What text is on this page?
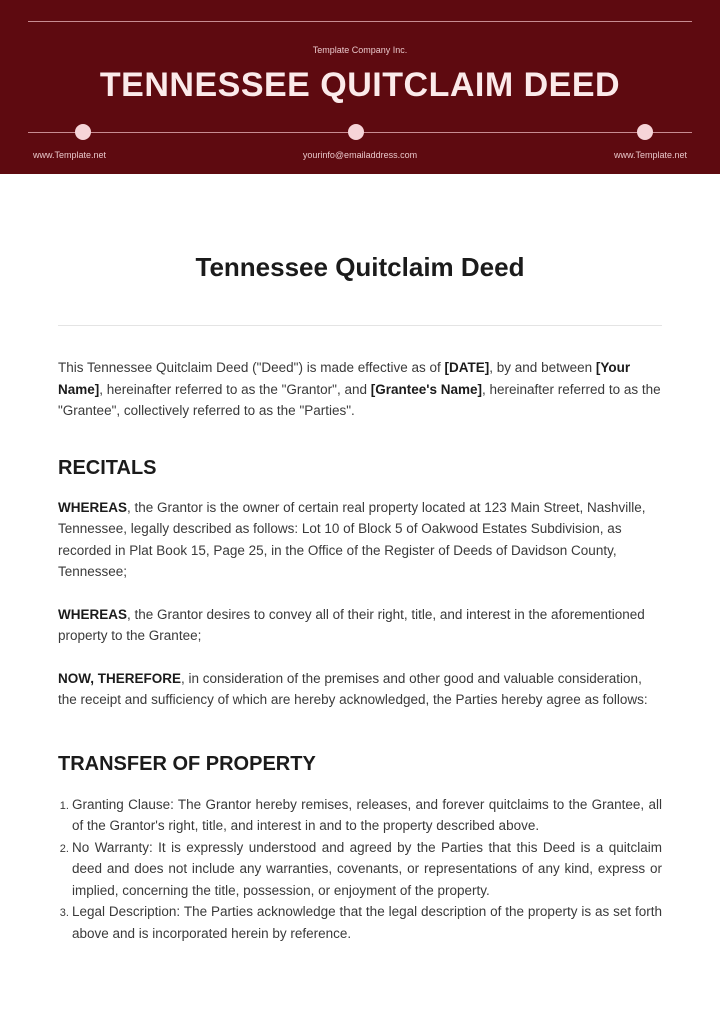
Template Company Inc.
TENNESSEE QUITCLAIM DEED
www.Template.net	yourinfo@emailaddress.com	www.Template.net
Tennessee Quitclaim Deed

This Tennessee Quitclaim Deed ("Deed") is made effective as of [DATE], by and between [Your Name], hereinafter referred to as the "Grantor", and [Grantee's Name], hereinafter referred to as the "Grantee", collectively referred to as the "Parties".

RECITALS

WHEREAS, the Grantor is the owner of certain real property located at 123 Main Street, Nashville, Tennessee, legally described as follows: Lot 10 of Block 5 of Oakwood Estates Subdivision, as recorded in Plat Book 15, Page 25, in the Office of the Register of Deeds of Davidson County, Tennessee;

WHEREAS, the Grantor desires to convey all of their right, title, and interest in the aforementioned property to the Grantee;

NOW, THEREFORE, in consideration of the premises and other good and valuable consideration, the receipt and sufficiency of which are hereby acknowledged, the Parties hereby agree as follows:

TRANSFER OF PROPERTY
1. Granting Clause: The Grantor hereby remises, releases, and forever quitclaims to the Grantee, all of the Grantor's right, title, and interest in and to the property described above.
2. No Warranty: It is expressly understood and agreed by the Parties that this Deed is a quitclaim deed and does not include any warranties, covenants, or representations of any kind, express or implied, concerning the title, possession, or enjoyment of the property.
3. Legal Description: The Parties acknowledge that the legal description of the property is as set forth above and is incorporated herein by reference.
